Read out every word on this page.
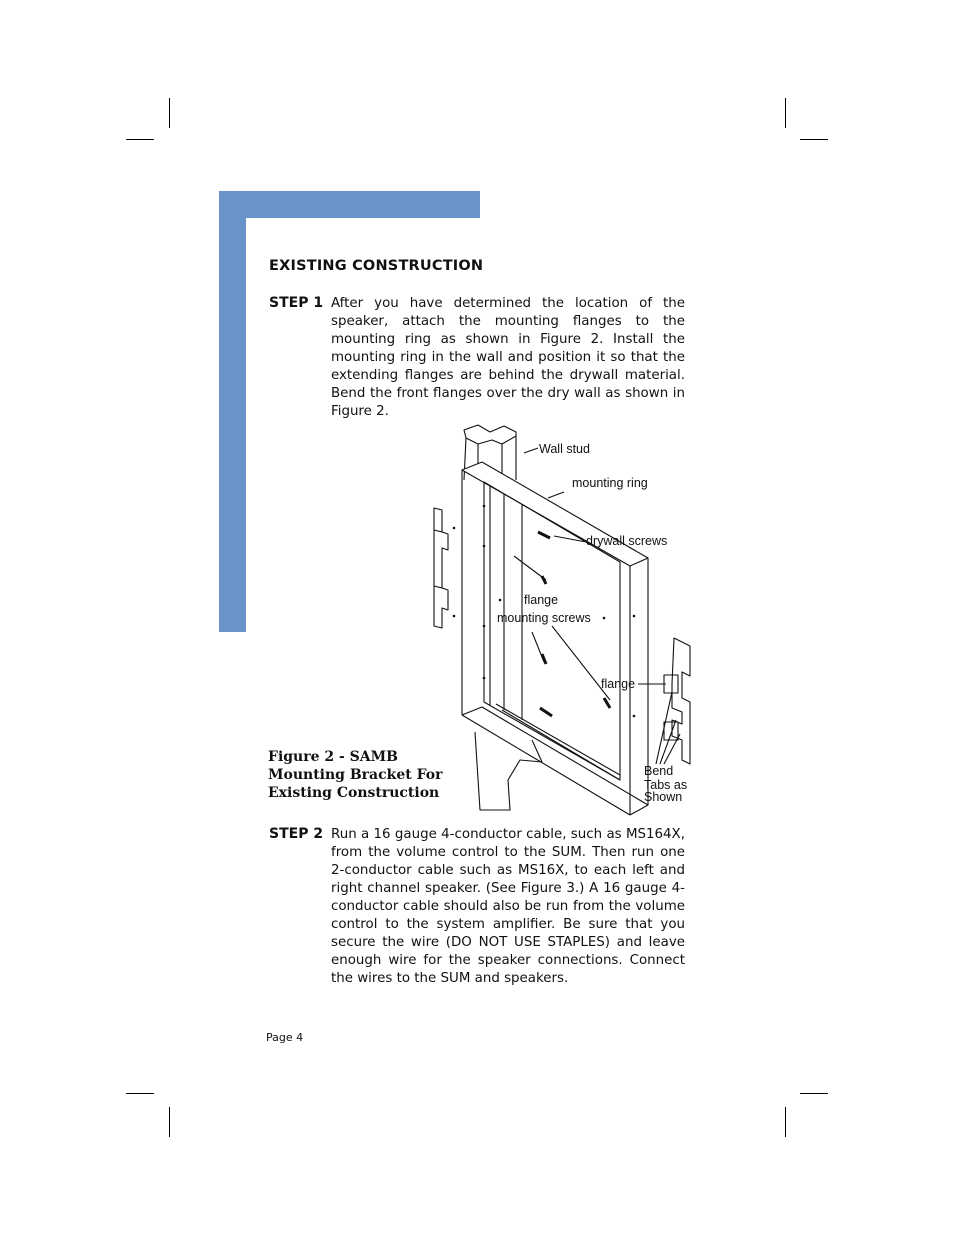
EXISTING CONSTRUCTION
STEP 1 After you have determined the location of the speaker, attach the mounting flanges to the mounting ring as shown in Figure 2. Install the mounting ring in the wall and position it so that the extending flanges are behind the drywall material. Bend the front flanges over the dry wall as shown in Figure 2.
Wall stud
mounting ring
drywall screws
flange
mounting screws
flange
Bend
Tabs as
Shown
Figure 2 - SAMB Mounting Bracket For Existing Construction
STEP 2 Run a 16 gauge 4-conductor cable, such as MS164X, from the volume control to the SUM. Then run one 2-conductor cable such as MS16X, to each left and right channel speaker. (See Figure 3.) A 16 gauge 4-conductor cable should also be run from the volume control to the system amplifier. Be sure that you secure the wire (DO NOT USE STAPLES) and leave enough wire for the speaker connections. Connect the wires to the SUM and speakers.
Page 4
